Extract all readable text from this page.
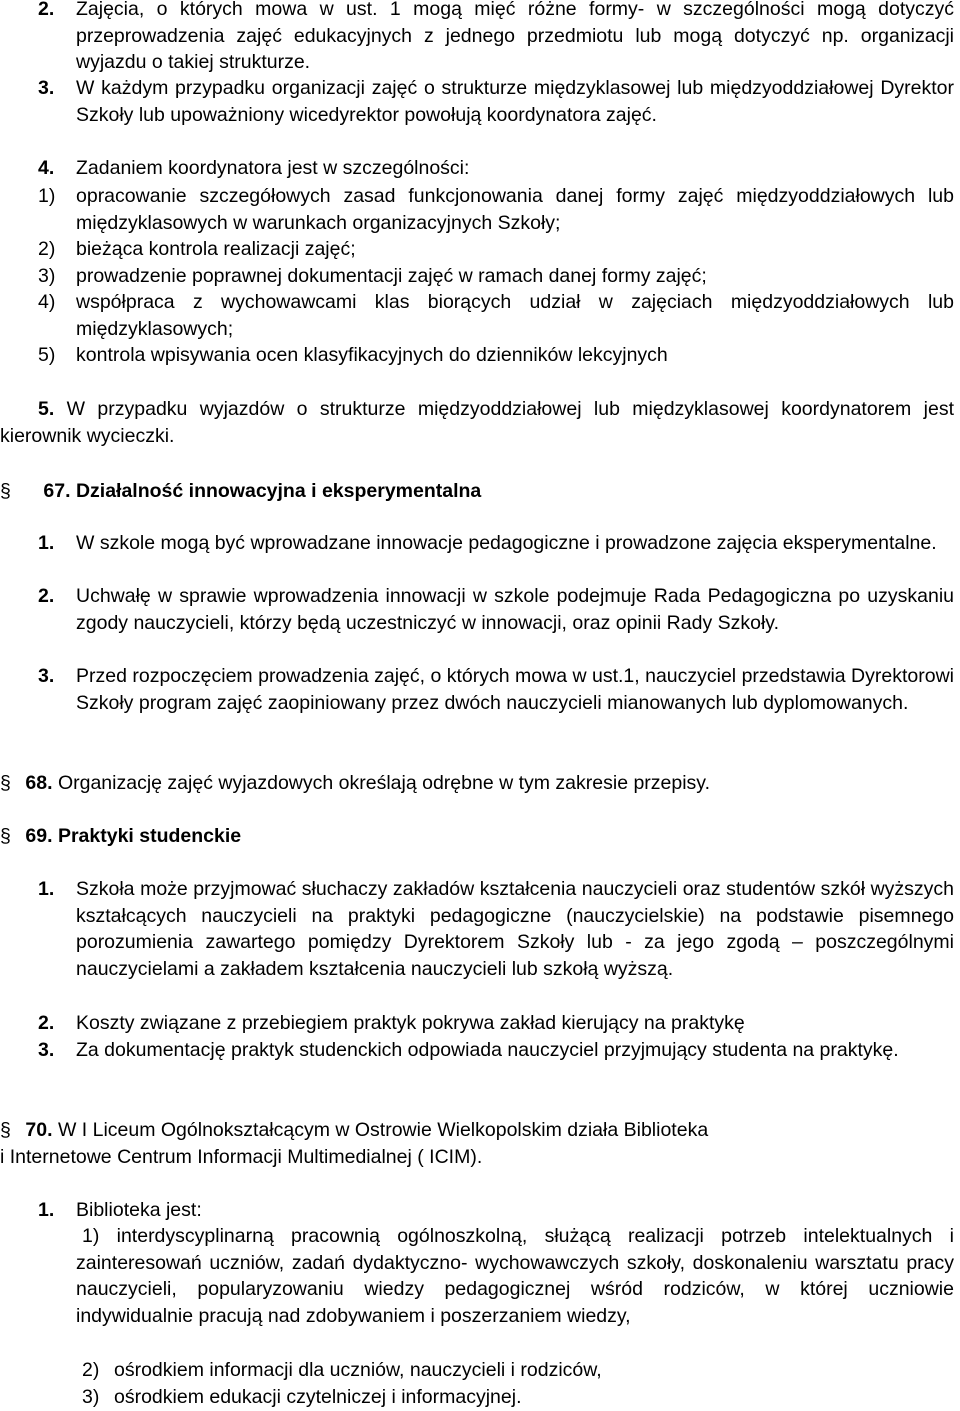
2. Zajęcia, o których mowa w ust. 1 mogą mięć różne formy- w szczególności mogą dotyczyć przeprowadzenia zajęć edukacyjnych z jednego przedmiotu lub mogą dotyczyć np. organizacji wyjazdu o takiej strukturze.
3. W każdym przypadku organizacji zajęć o strukturze międzyklasowej lub międzyoddziałowej Dyrektor Szkoły lub upoważniony wicedyrektor powołują koordynatora zajęć.
4. Zadaniem koordynatora jest w szczególności:
1) opracowanie szczegółowych zasad funkcjonowania danej formy zajęć międzyoddziałowych lub międzyklasowych w warunkach organizacyjnych Szkoły;
2) bieżąca kontrola realizacji zajęć;
3) prowadzenie poprawnej dokumentacji zajęć w ramach danej formy zajęć;
4) współpraca z wychowawcami klas biorących udział w zajęciach międzyoddziałowych lub międzyklasowych;
5) kontrola wpisywania ocen klasyfikacyjnych do dzienników lekcyjnych
5. W przypadku wyjazdów o strukturze międzyoddziałowej lub międzyklasowej koordynatorem jest kierownik wycieczki.
§ 67. Działalność innowacyjna i eksperymentalna
1. W szkole mogą być wprowadzane innowacje pedagogiczne i prowadzone zajęcia eksperymentalne.
2. Uchwałę w sprawie wprowadzenia innowacji w szkole podejmuje Rada Pedagogiczna po uzyskaniu zgody nauczycieli, którzy będą uczestniczyć w innowacji, oraz opinii Rady Szkoły.
3. Przed rozpoczęciem prowadzenia zajęć, o których mowa w ust.1, nauczyciel przedstawia Dyrektorowi Szkoły program zajęć zaopiniowany przez dwóch nauczycieli mianowanych lub dyplomowanych.
§ 68. Organizację zajęć wyjazdowych określają odrębne w tym zakresie przepisy.
§ 69. Praktyki studenckie
1. Szkoła może przyjmować słuchaczy zakładów kształcenia nauczycieli oraz studentów szkół wyższych kształcących nauczycieli na praktyki pedagogiczne (nauczycielskie) na podstawie pisemnego porozumienia zawartego pomiędzy Dyrektorem Szkoły lub - za jego zgodą – poszczególnymi nauczycielami a zakładem kształcenia nauczycieli lub szkołą wyższą.
2. Koszty związane z przebiegiem praktyk pokrywa zakład kierujący na praktykę
3. Za dokumentację praktyk studenckich odpowiada nauczyciel przyjmujący studenta na praktykę.
§ 70. W I Liceum Ogólnokształcącym w Ostrowie Wielkopolskim działa Biblioteka
i Internetowe Centrum Informacji Multimedialnej ( ICIM).
1. Biblioteka jest:
1) interdyscyplinarną pracownią ogólnoszkolną, służącą realizacji potrzeb intelektualnych i zainteresowań uczniów, zadań dydaktyczno- wychowawczych szkoły, doskonaleniu warsztatu pracy nauczycieli, popularyzowaniu wiedzy pedagogicznej wśród rodziców, w której uczniowie indywidualnie pracują nad zdobywaniem i poszerzaniem wiedzy,
2) ośrodkiem informacji dla uczniów, nauczycieli i rodziców,
3) ośrodkiem edukacji czytelniczej i informacyjnej.
